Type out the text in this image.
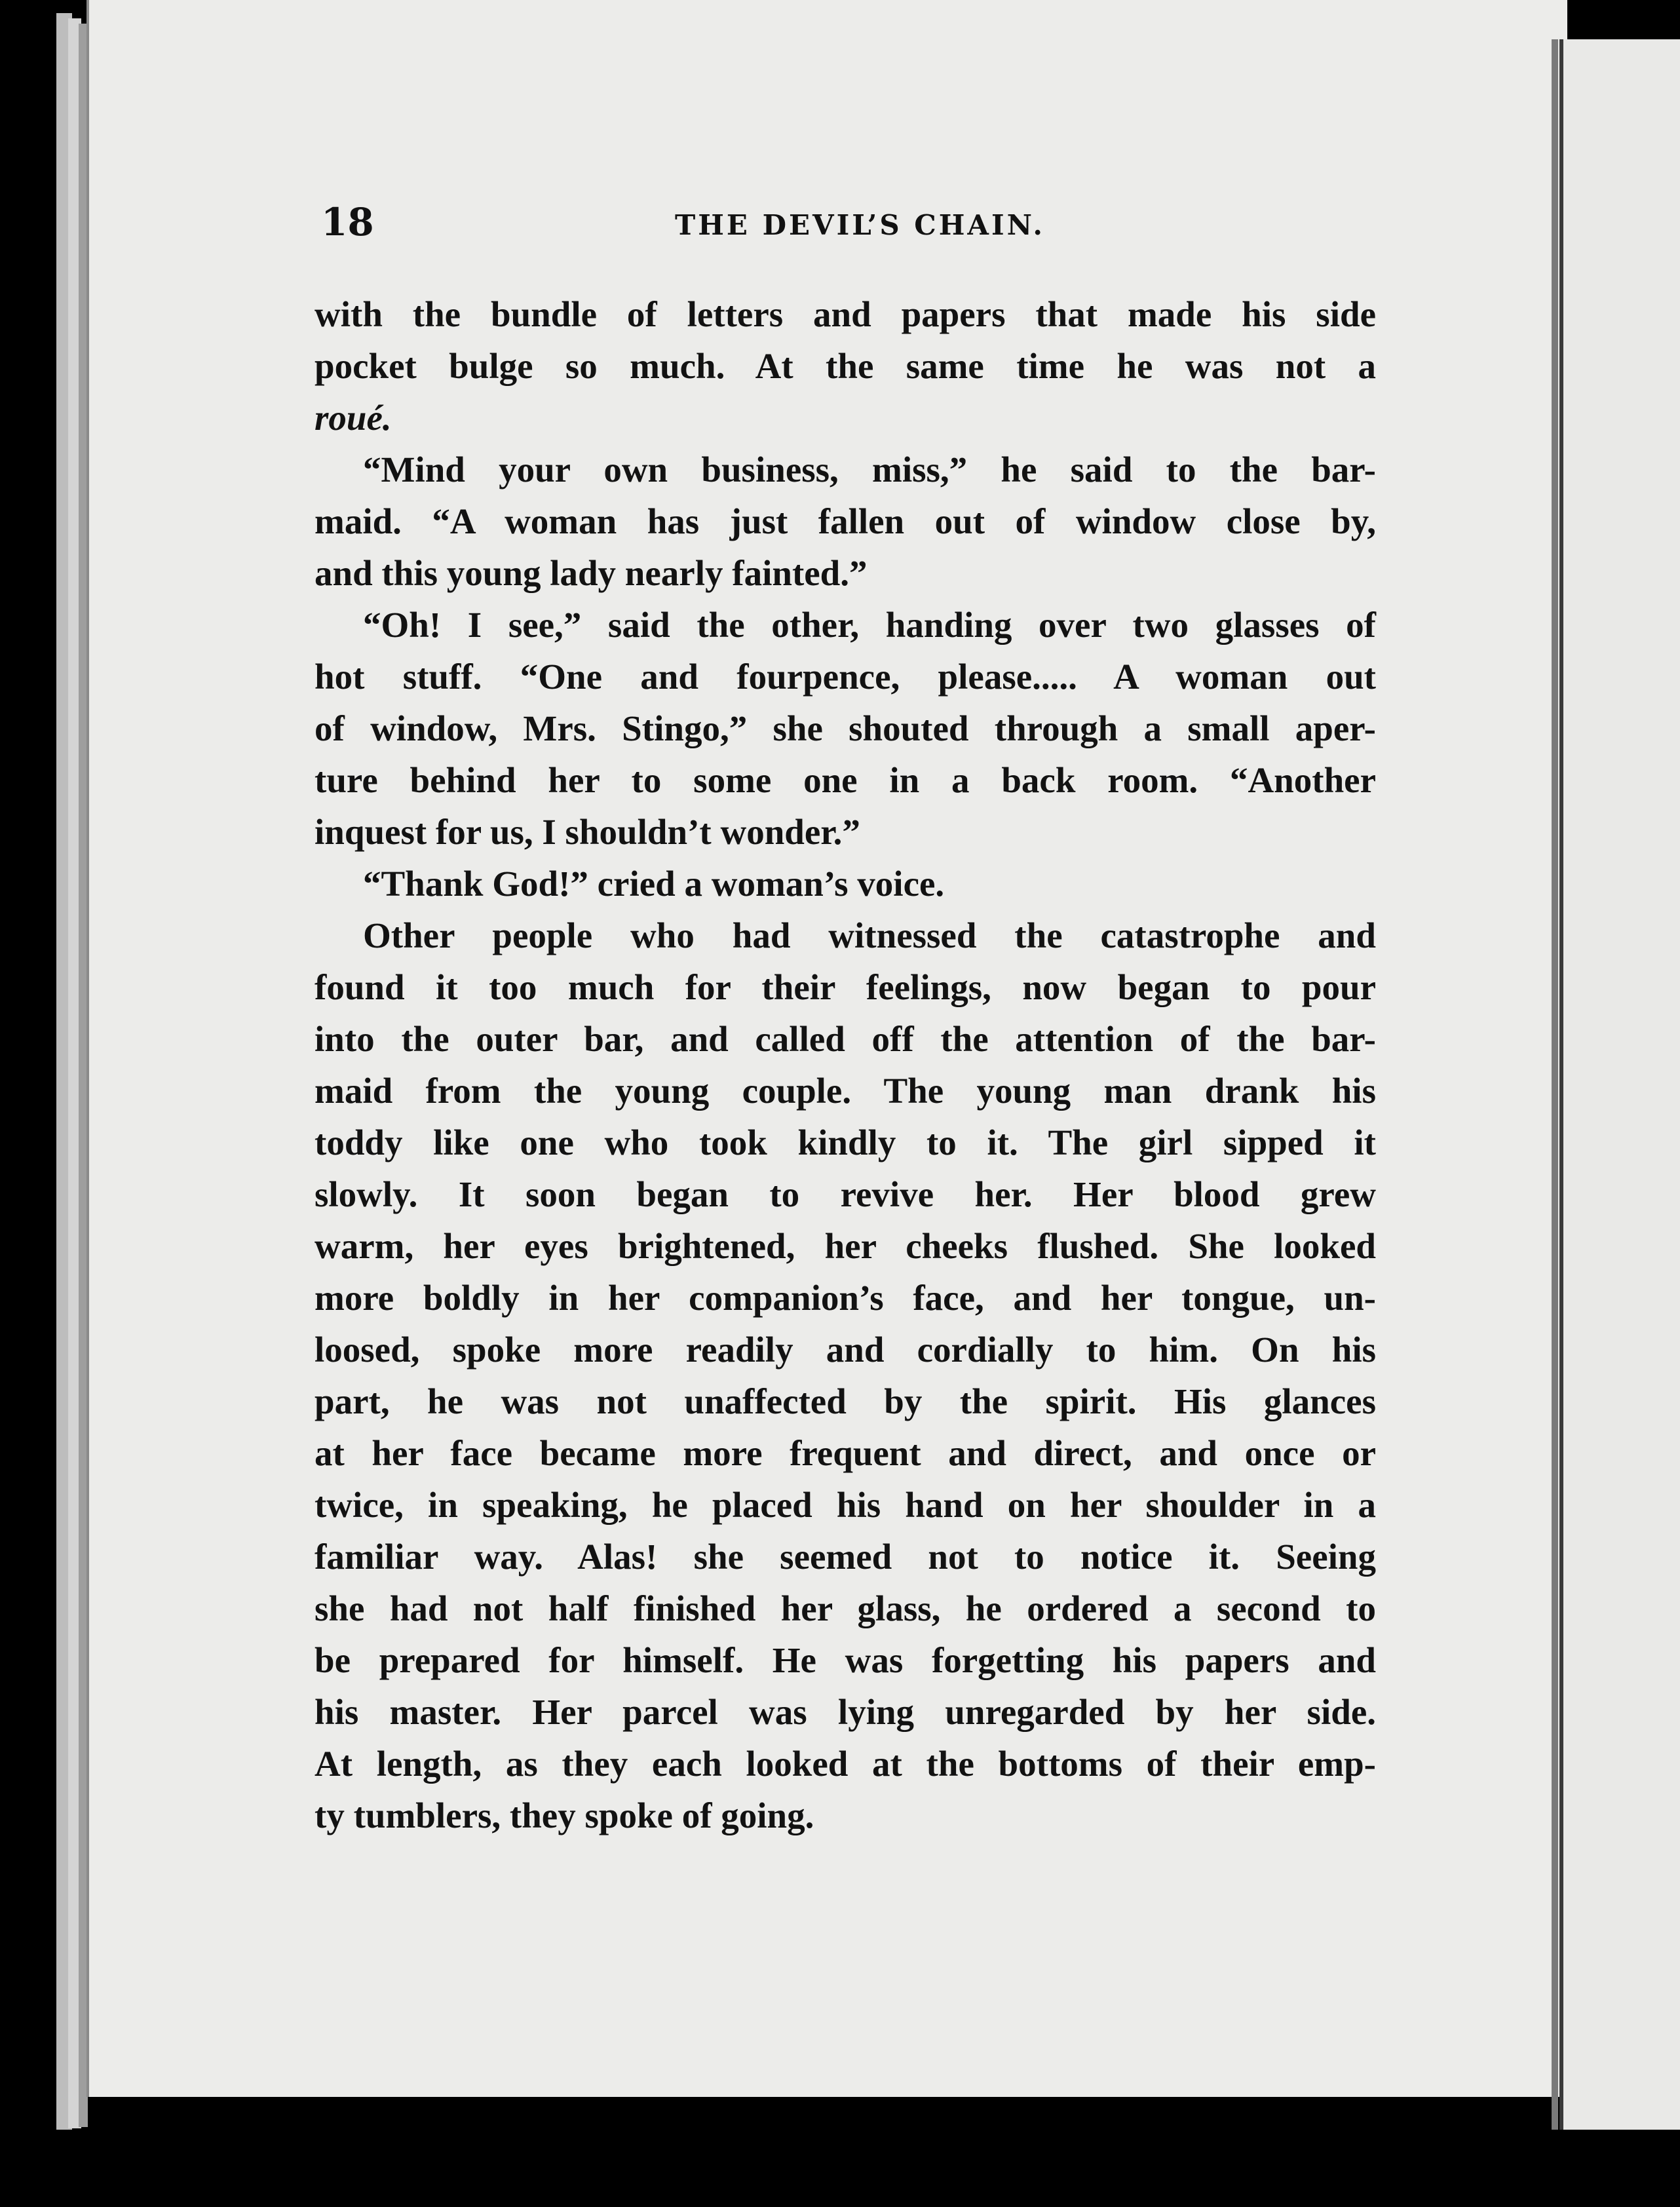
18	THE DEVIL’S CHAIN.
with the bundle of letters and papers that made his side
pocket bulge so much. At the same time he was not a
roué.
“Mind your own business, miss,” he said to the bar-
maid. “A woman has just fallen out of window close by,
and this young lady nearly fainted.”
“Oh! I see,” said the other, handing over two glasses of
hot stuff. “One and fourpence, please..... A woman out
of window, Mrs. Stingo,” she shouted through a small aper-
ture behind her to some one in a back room. “Another
inquest for us, I shouldn’t wonder.”
“Thank God!” cried a woman’s voice.
Other people who had witnessed the catastrophe and
found it too much for their feelings, now began to pour
into the outer bar, and called off the attention of the bar-
maid from the young couple. The young man drank his
toddy like one who took kindly to it. The girl sipped it
slowly. It soon began to revive her. Her blood grew
warm, her eyes brightened, her cheeks flushed. She looked
more boldly in her companion’s face, and her tongue, un-
loosed, spoke more readily and cordially to him. On his
part, he was not unaffected by the spirit. His glances
at her face became more frequent and direct, and once or
twice, in speaking, he placed his hand on her shoulder in a
familiar way. Alas! she seemed not to notice it. Seeing
she had not half finished her glass, he ordered a second to
be prepared for himself. He was forgetting his papers and
his master. Her parcel was lying unregarded by her side.
At length, as they each looked at the bottoms of their emp-
ty tumblers, they spoke of going.
